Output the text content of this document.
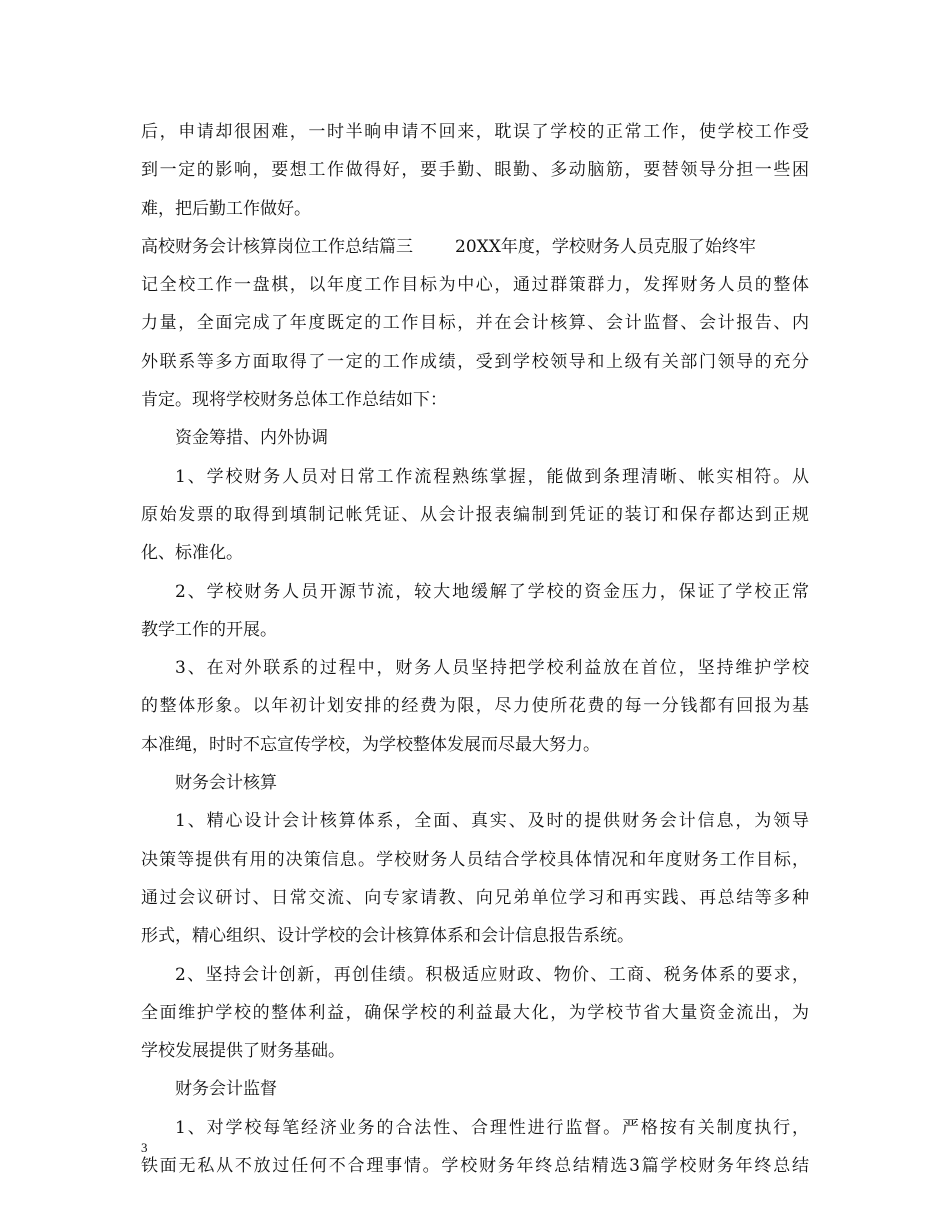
后，申请却很困难，一时半晌申请不回来，耽误了学校的正常工作，使学校工作受
到一定的影响，要想工作做得好，要手勤、眼勤、多动脑筋，要替领导分担一些困
难，把后勤工作做好。
高校财务会计核算岗位工作总结篇三 20XX年度，学校财务人员克服了始终牢
记全校工作一盘棋，以年度工作目标为中心，通过群策群力，发挥财务人员的整体
力量，全面完成了年度既定的工作目标，并在会计核算、会计监督、会计报告、内
外联系等多方面取得了一定的工作成绩，受到学校领导和上级有关部门领导的充分
肯定。现将学校财务总体工作总结如下：
资金筹措、内外协调
1、学校财务人员对日常工作流程熟练掌握，能做到条理清晰、帐实相符。从
原始发票的取得到填制记帐凭证、从会计报表编制到凭证的装订和保存都达到正规
化、标准化。
2、学校财务人员开源节流，较大地缓解了学校的资金压力，保证了学校正常
教学工作的开展。
3、在对外联系的过程中，财务人员坚持把学校利益放在首位，坚持维护学校
的整体形象。以年初计划安排的经费为限，尽力使所花费的每一分钱都有回报为基
本准绳，时时不忘宣传学校，为学校整体发展而尽最大努力。
财务会计核算
1、精心设计会计核算体系，全面、真实、及时的提供财务会计信息，为领导
决策等提供有用的决策信息。学校财务人员结合学校具体情况和年度财务工作目标，
通过会议研讨、日常交流、向专家请教、向兄弟单位学习和再实践、再总结等多种
形式，精心组织、设计学校的会计核算体系和会计信息报告系统。
2、坚持会计创新，再创佳绩。积极适应财政、物价、工商、税务体系的要求，
全面维护学校的整体利益，确保学校的利益最大化，为学校节省大量资金流出，为
学校发展提供了财务基础。
财务会计监督
1、对学校每笔经济业务的合法性、合理性进行监督。严格按有关制度执行，
铁面无私从不放过任何不合理事情。学校财务年终总结精选3篇学校财务年终总结
3
